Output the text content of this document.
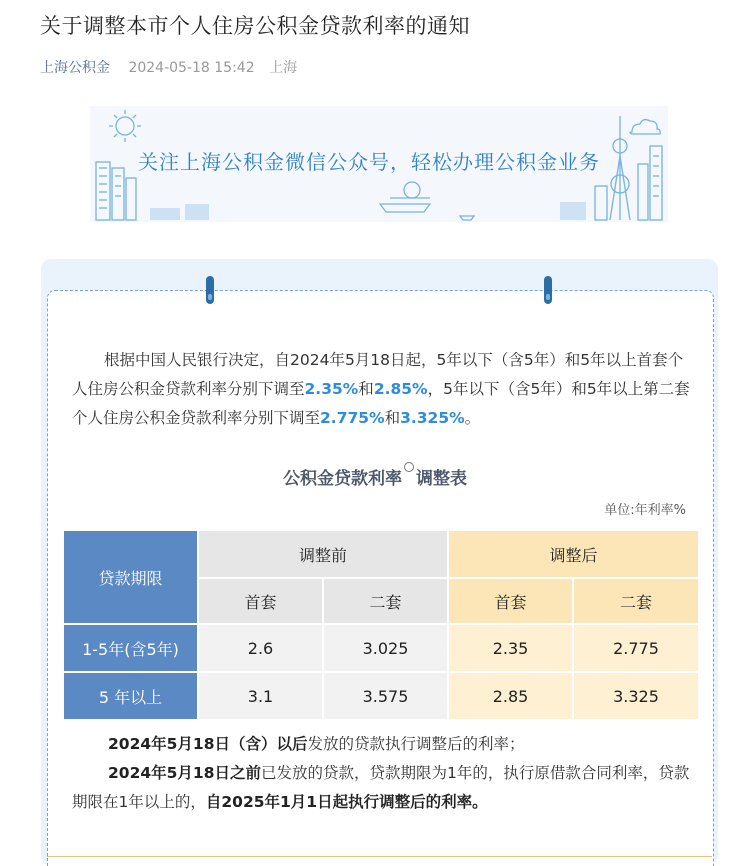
关于调整本市个人住房公积金贷款利率的通知
上海公积金 2024-05-18 15:42 上海
关注上海公积金微信公众号，轻松办理公积金业务
根据中国人民银行决定，自2024年5月18日起，5年以下（含5年）和5年以上首套个人住房公积金贷款利率分别下调至2.35%和2.85%，5年以下（含5年）和5年以上第二套个人住房公积金贷款利率分别下调至2.775%和3.325%。
公积金贷款利率 调整表
单位:年利率%
贷款期限	调整前		调整后	
	首套	二套	首套	二套
1-5年(含5年)	2.6	3.025	2.35	2.775
5 年以上	3.1	3.575	2.85	3.325
2024年5月18日（含）以后发放的贷款执行调整后的利率；
2024年5月18日之前已发放的贷款，贷款期限为1年的，执行原借款合同利率，贷款期限在1年以上的，自2025年1月1日起执行调整后的利率。
